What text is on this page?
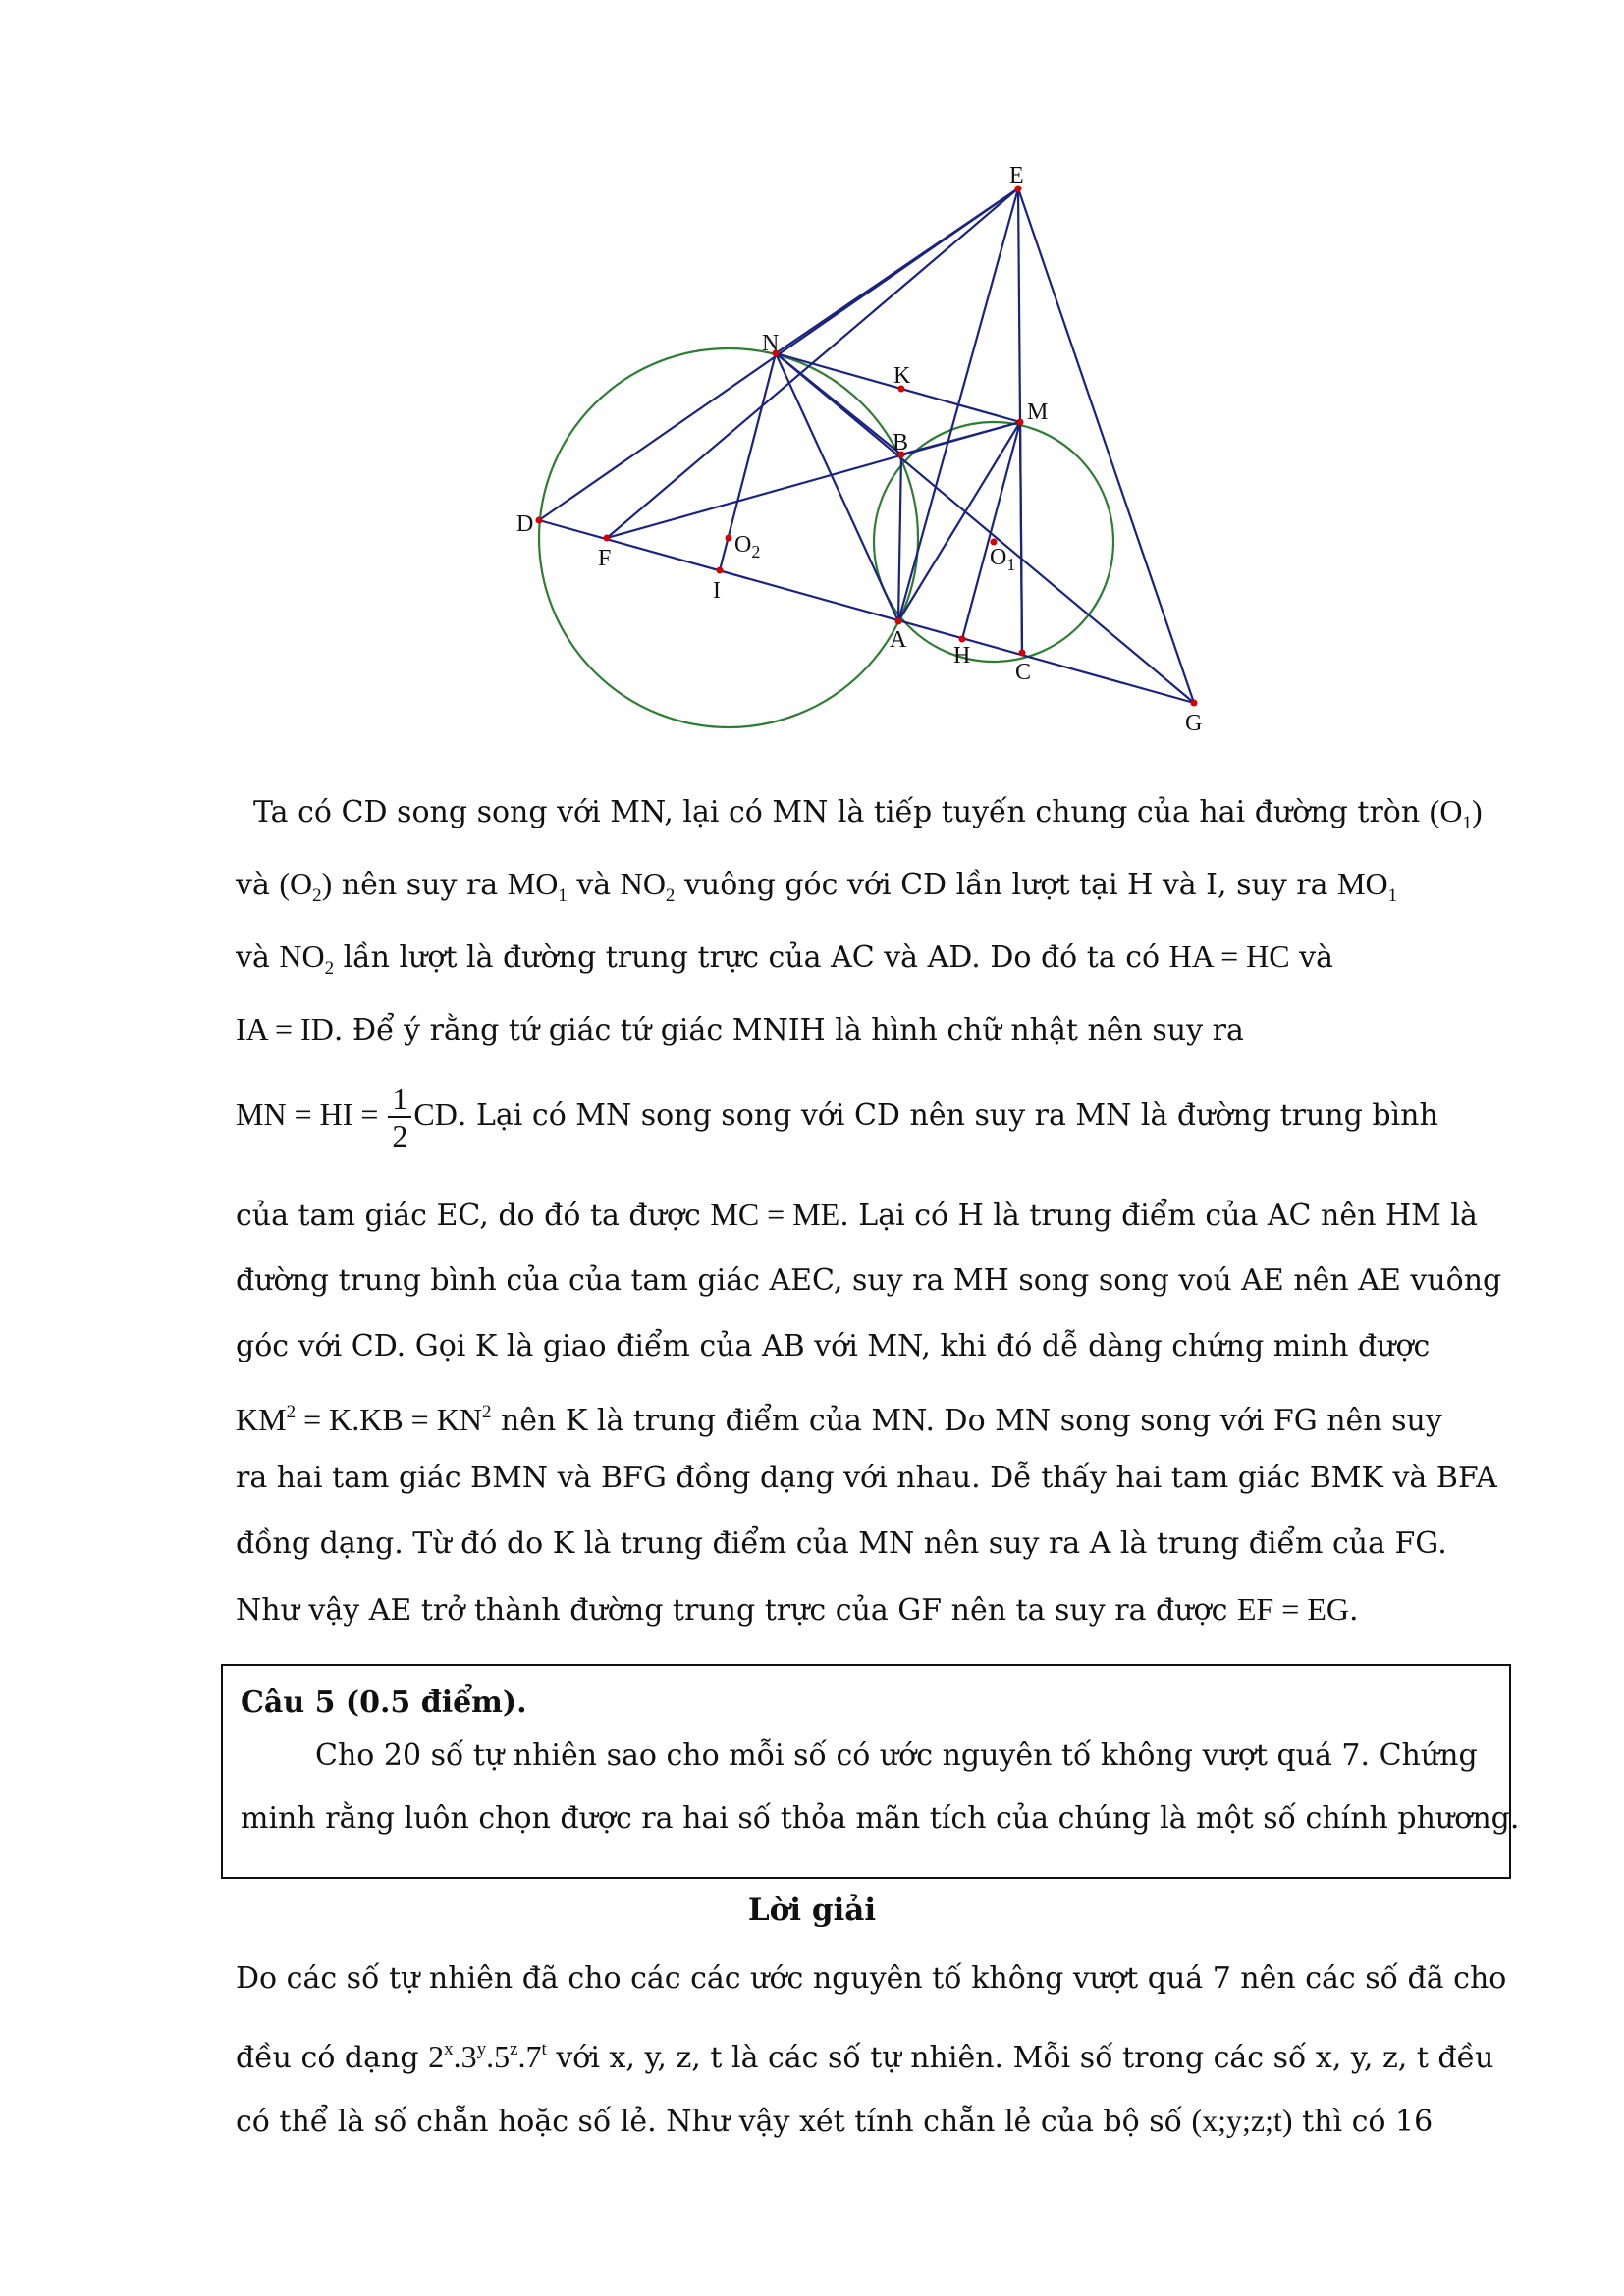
E
N
K
M
B
D
F
$O_2$
I
$O_1$
A
H
C
G
Ta có CD song song với MN, lại có MN là tiếp tuyến chung của hai đường tròn $(O_1)$
và $(O_2)$ nên suy ra $MO_1$ và $NO_2$ vuông góc với CD lần lượt tại H và I, suy ra $MO_1$
và $NO_2$ lần lượt là đường trung trực của AC và AD. Do đó ta có HA = HC và
IA = ID. Để ý rằng tứ giác tứ giác MNIH là hình chữ nhật nên suy ra
MN = HI = $\frac{1}{2}$ CD. Lại có MN song song với CD nên suy ra MN là đường trung bình
của tam giác EC, do đó ta được MC = ME. Lại có H là trung điểm của AC nên HM là
đường trung bình của của tam giác AEC, suy ra MH song song voú AE nên AE vuông
góc với CD. Gọi K là giao điểm của AB với MN, khi đó dễ dàng chứng minh được
$KM^2 = K.KB = KN^2$ nên K là trung điểm của MN. Do MN song song với FG nên suy
ra hai tam giác BMN và BFG đồng dạng với nhau. Dễ thấy hai tam giác BMK và BFA
đồng dạng. Từ đó do K là trung điểm của MN nên suy ra A là trung điểm của FG.
Như vậy AE trở thành đường trung trực của GF nên ta suy ra được EF = EG.
Câu 5 (0.5 điểm).
Cho 20 số tự nhiên sao cho mỗi số có ước nguyên tố không vượt quá 7. Chứng
minh rằng luôn chọn được ra hai số thỏa mãn tích của chúng là một số chính phương.
Lời giải
Do các số tự nhiên đã cho các các ước nguyên tố không vượt quá 7 nên các số đã cho
đều có dạng 2$^x$.3$^y$.5$^z$.7$^t$ với x, y, z, t là các số tự nhiên. Mỗi số trong các số x, y, z, t đều
có thể là số chẵn hoặc số lẻ. Như vậy xét tính chẵn lẻ của bộ số (x;y;z;t) thì có 16
